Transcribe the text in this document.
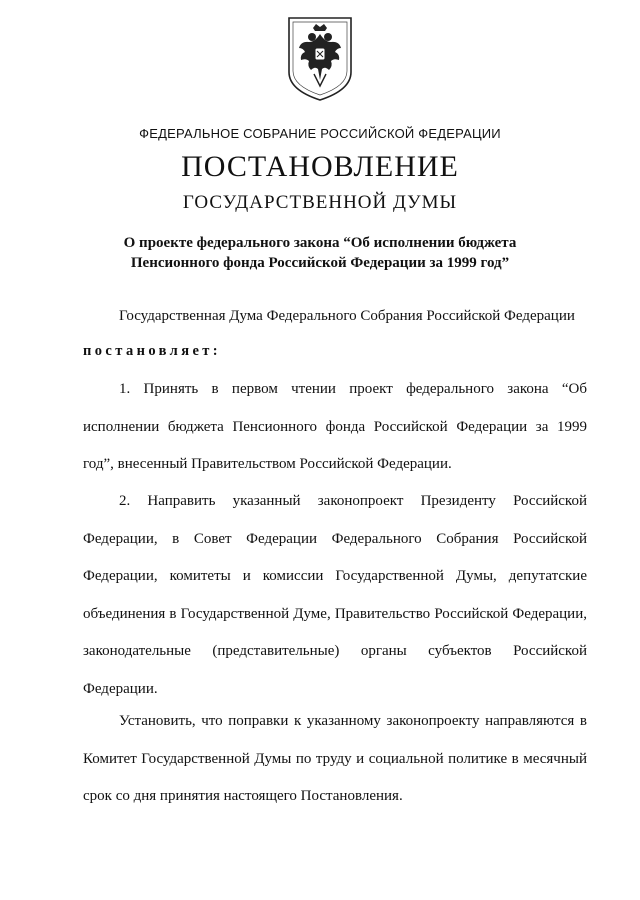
ФЕДЕРАЛЬНОЕ СОБРАНИЕ РОССИЙСКОЙ ФЕДЕРАЦИИ
ПОСТАНОВЛЕНИЕ
ГОСУДАРСТВЕННОЙ ДУМЫ
О проекте федерального закона “Об исполнении бюджета Пенсионного фонда Российской Федерации за 1999 год”
Государственная Дума Федерального Собрания Российской Федерации
постановляет:
1. Принять в первом чтении проект федерального закона “Об исполнении бюджета Пенсионного фонда Российской Федерации за 1999 год”, внесенный Правительством Российской Федерации.
2. Направить указанный законопроект Президенту Российской Федерации, в Совет Федерации Федерального Собрания Российской Федерации, комитеты и комиссии Государственной Думы, депутатские объединения в Государственной Думе, Правительство Российской Федерации, законодательные (представительные) органы субъектов Российской Федерации.
Установить, что поправки к указанному законопроекту направляются в Комитет Государственной Думы по труду и социальной политике в месячный срок со дня принятия настоящего Постановления.
